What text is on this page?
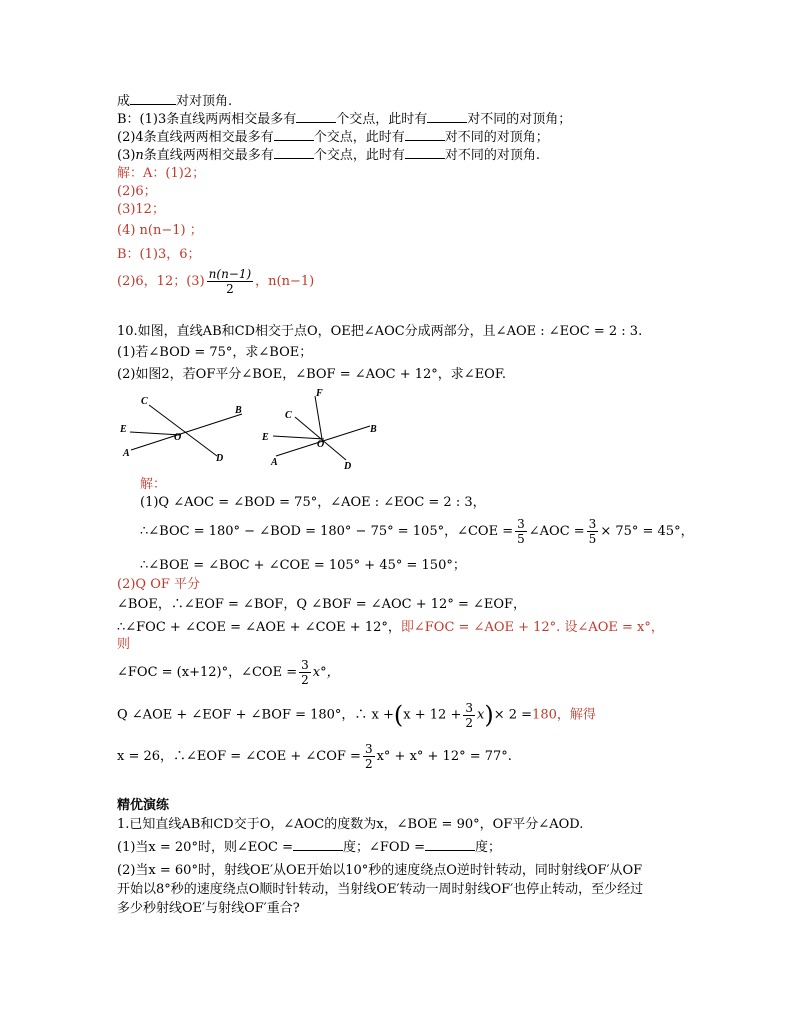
成	对对顶角.
B：(1)3条直线两两相交最多有	个交点，此时有	对不同的对顶角；
(2)4条直线两两相交最多有	个交点，此时有	对不同的对顶角；
(3)n条直线两两相交最多有	个交点，此时有	对不同的对顶角.
解：A：(1)2；
(2)6；
(3)12；
(4) n(n−1) ；
B：(1)3，6；
(2)6，12；$(3) \frac{n(n-1)}{2}$ ，n(n−1)
10.如图，直线AB和CD相交于点O，OE把∠AOC分成两部分，且∠AOE : ∠EOC = 2 : 3.
(1)若∠BOD = 75°，求∠BOE；
(2)如图2，若OF平分∠BOE，∠BOF = ∠AOC + 12°，求∠EOF.
C
B
E
O
A	D
F
C
B
E
O
A	D
解：
(1)Q ∠AOC = ∠BOD = 75°，∠AOE : ∠EOC = 2 : 3，
∴∠BOC = 180° − ∠BOD = 180° − 75° = 105°，∠COE = $\frac{3}{5}$ ∠AOC = $\frac{3}{5} \times 75^\circ = 45^\circ$，
∴∠BOE = ∠BOC + ∠COE = 105° + 45° = 150°；
(2)Q OF 平分
∠BOE，∴∠EOF = ∠BOF，Q ∠BOF = ∠AOC + 12° = ∠EOF，
∴∠FOC + ∠COE = ∠AOE + ∠COE + 12°，即∠FOC = ∠AOE + 12°. 设∠AOE = x°，
则
∠FOC = (x+12)°，∠COE = $\frac{3}{2} x^\circ$，
Q ∠AOE + ∠EOF + ∠BOF = 180°，∴ $x +(x + 12 + \frac{3}{2} x)\times 2 =180$，解得
x = 26，∴∠EOF = ∠COE + ∠COF = $\frac{3}{2} x^\circ + x^\circ + 12^\circ = 77^\circ$.
精优演练
1.已知直线AB和CD交于O，∠AOC的度数为x，∠BOE = 90°，OF平分∠AOD.
(1)当x = 20°时，则∠EOC =	度；∠FOD =	度；
(2)当x = 60°时，射线OE′从OE开始以10°秒的速度绕点O逆时针转动，同时射线OF′从OF
开始以8°秒的速度绕点O顺时针转动，当射线OE′转动一周时射线OF′也停止转动，至少经过
多少秒射线OE′与射线OF′重合?
